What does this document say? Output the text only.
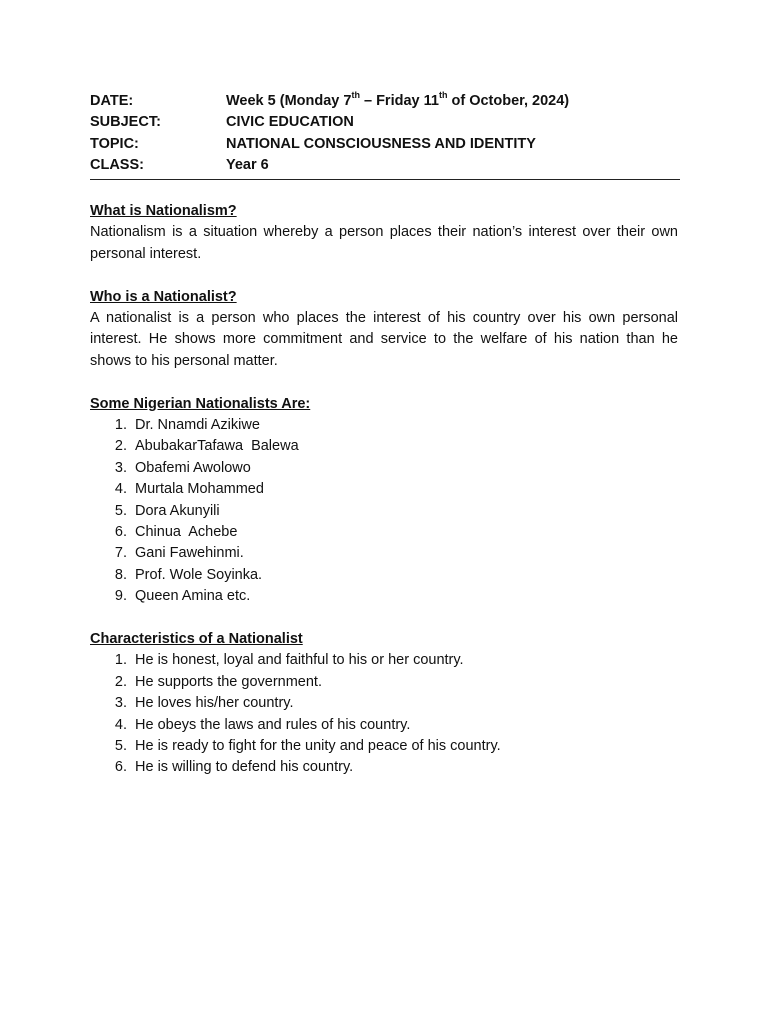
DATE:	Week 5 (Monday 7th – Friday 11th of October, 2024)
SUBJECT:	CIVIC EDUCATION
TOPIC:	NATIONAL CONSCIOUSNESS AND IDENTITY
CLASS:	Year 6
What is Nationalism?

Nationalism is a situation whereby a person places their nation’s interest over their own personal interest.

Who is a Nationalist?

A nationalist is a person who places the interest of his country over his own personal interest. He shows more commitment and service to the welfare of his nation than he shows to his personal matter.

Some Nigerian Nationalists Are:
1. Dr. Nnamdi Azikiwe
2. AbubakarTafawa  Balewa
3. Obafemi Awolowo
4. Murtala Mohammed
5. Dora Akunyili
6. Chinua  Achebe
7. Gani Fawehinmi.
8. Prof. Wole Soyinka.
9. Queen Amina etc.
Characteristics of a Nationalist
1. He is honest, loyal and faithful to his or her country.
2. He supports the government.
3. He loves his/her country.
4. He obeys the laws and rules of his country.
5. He is ready to fight for the unity and peace of his country.
6. He is willing to defend his country.
